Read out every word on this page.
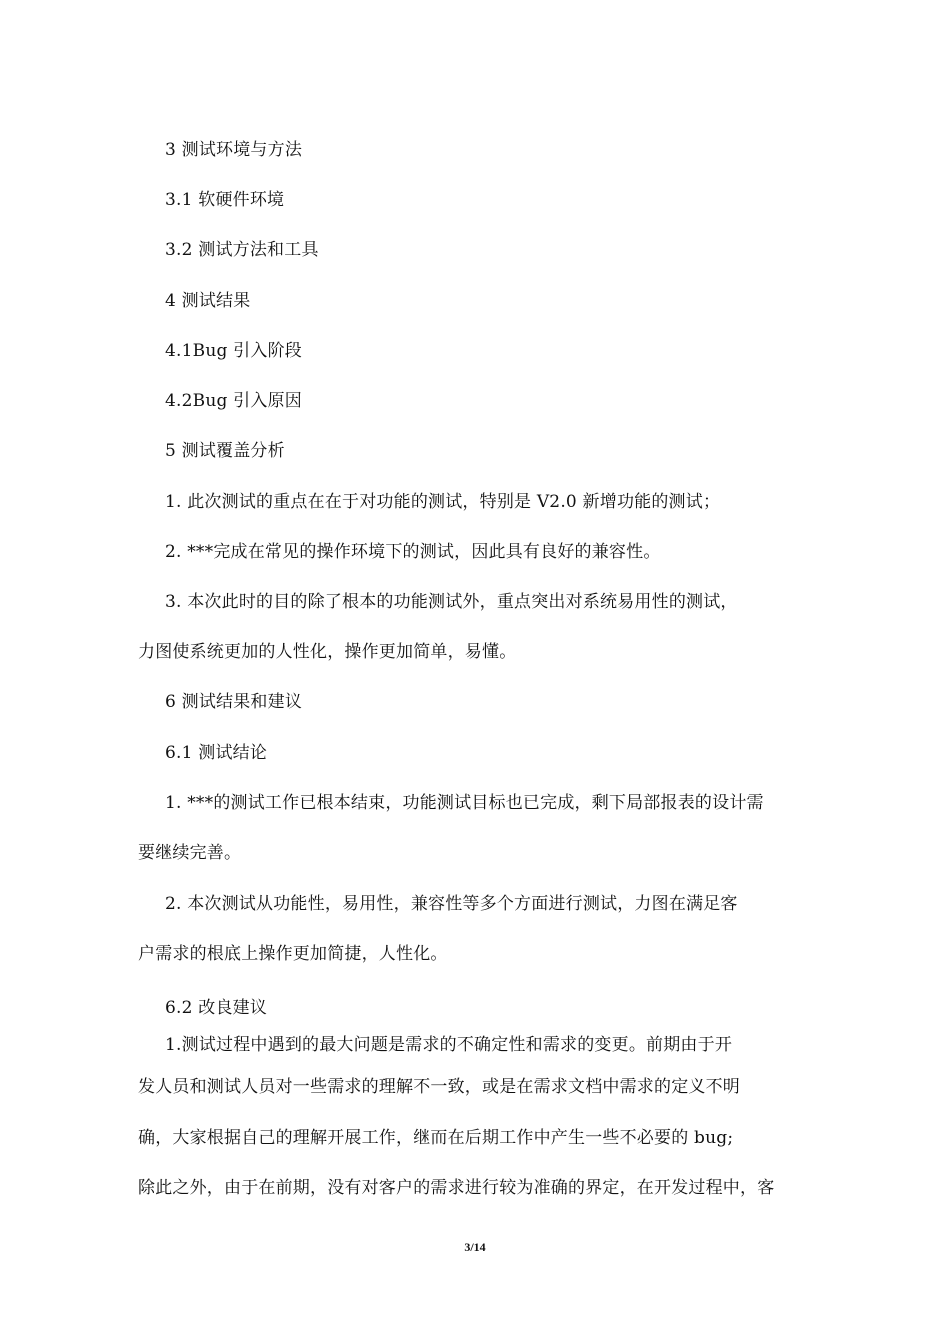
3 测试环境与方法
3.1 软硬件环境
3.2 测试方法和工具
4 测试结果
4.1Bug 引入阶段
4.2Bug 引入原因
5 测试覆盖分析
1. 此次测试的重点在在于对功能的测试，特别是 V2.0 新增功能的测试；
2. ***完成在常见的操作环境下的测试，因此具有良好的兼容性。
3. 本次此时的目的除了根本的功能测试外，重点突出对系统易用性的测试，
力图使系统更加的人性化，操作更加简单，易懂。
6 测试结果和建议
6.1 测试结论
1. ***的测试工作已根本结束，功能测试目标也已完成，剩下局部报表的设计需
要继续完善。
2. 本次测试从功能性，易用性，兼容性等多个方面进行测试，力图在满足客
户需求的根底上操作更加简捷，人性化。
6.2 改良建议
1.测试过程中遇到的最大问题是需求的不确定性和需求的变更。前期由于开
发人员和测试人员对一些需求的理解不一致，或是在需求文档中需求的定义不明
确，大家根据自己的理解开展工作，继而在后期工作中产生一些不必要的 bug;
除此之外，由于在前期，没有对客户的需求进行较为准确的界定，在开发过程中，客
3/14
